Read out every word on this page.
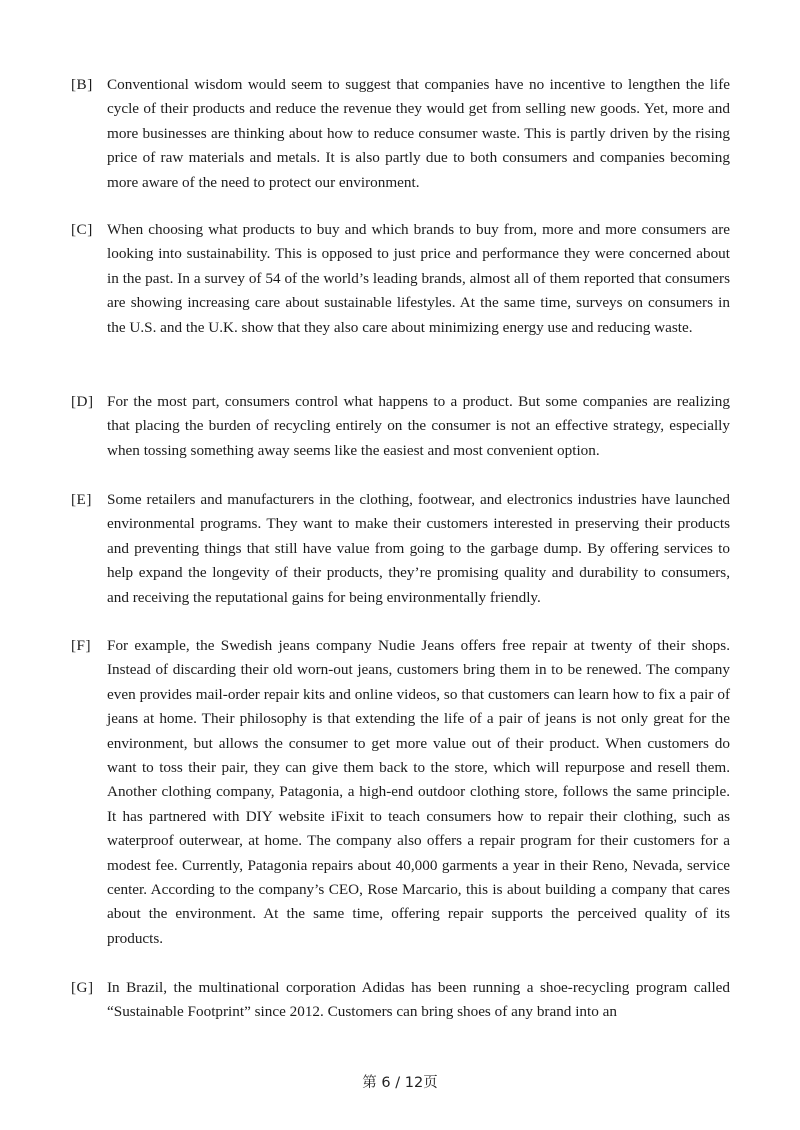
[B] Conventional wisdom would seem to suggest that companies have no incentive to lengthen the life cycle of their products and reduce the revenue they would get from selling new goods. Yet, more and more businesses are thinking about how to reduce consumer waste. This is partly driven by the rising price of raw materials and metals. It is also partly due to both consumers and companies becoming more aware of the need to protect our environment.
[C] When choosing what products to buy and which brands to buy from, more and more consumers are looking into sustainability. This is opposed to just price and performance they were concerned about in the past. In a survey of 54 of the world’s leading brands, almost all of them reported that consumers are showing increasing care about sustainable lifestyles. At the same time, surveys on consumers in the U.S. and the U.K. show that they also care about minimizing energy use and reducing waste.
[D] For the most part, consumers control what happens to a product. But some companies are realizing that placing the burden of recycling entirely on the consumer is not an effective strategy, especially when tossing something away seems like the easiest and most convenient option.
[E] Some retailers and manufacturers in the clothing, footwear, and electronics industries have launched environmental programs. They want to make their customers interested in preserving their products and preventing things that still have value from going to the garbage dump. By offering services to help expand the longevity of their products, they’re promising quality and durability to consumers, and receiving the reputational gains for being environmentally friendly.
[F]	For example, the Swedish jeans company Nudie Jeans offers free repair at twenty of their shops. Instead of discarding their old worn-out jeans, customers bring them in to be renewed. The company even provides mail-order repair kits and online videos, so that customers can learn how to fix a pair of jeans at home. Their philosophy is that extending the life of a pair of jeans is not only great for the environment, but allows the consumer to get more value out of their product. When customers do want to toss their pair, they can give them back to the store, which will repurpose and resell them. Another clothing company, Patagonia, a high-end outdoor clothing store, follows the same principle. It has partnered with DIY website iFixit to teach consumers how to repair their clothing, such as waterproof outerwear, at home. The company also offers a repair program for their customers for a modest fee. Currently, Patagonia repairs about 40,000 garments a year in their Reno, Nevada, service center. According to the company’s CEO, Rose Marcario, this is about building a company that cares about the environment. At the same time, offering repair supports the perceived quality of its products.
[G] In Brazil, the multinational corporation Adidas has been running a shoe-recycling program called “Sustainable Footprint” since 2012. Customers can bring shoes of any brand into an
第 6 / 12页
